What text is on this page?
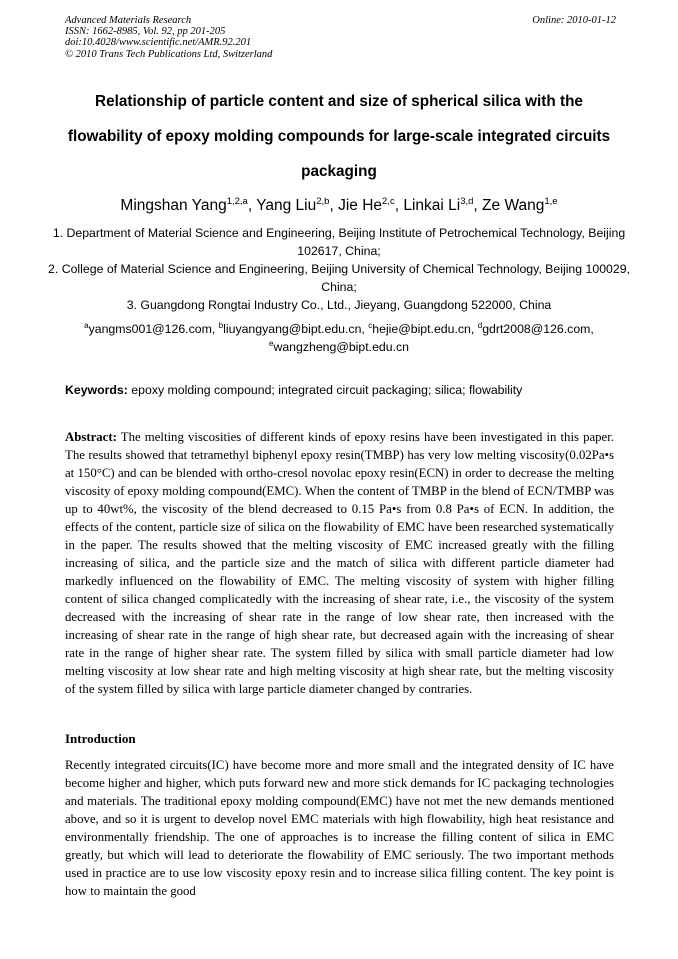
Advanced Materials Research
ISSN: 1662-8985, Vol. 92, pp 201-205
doi:10.4028/www.scientific.net/AMR.92.201
© 2010 Trans Tech Publications Ltd, Switzerland
Online: 2010-01-12
Relationship of particle content and size of spherical silica with the flowability of epoxy molding compounds for large-scale integrated circuits packaging
Mingshan Yang$^{1,2,a}$, Yang Liu$^{2,b}$, Jie He$^{2,c}$, Linkai Li$^{3,d}$, Ze Wang$^{1,e}$

1. Department of Material Science and Engineering, Beijing Institute of Petrochemical Technology, Beijing 102617, China;

2. College of Material Science and Engineering, Beijing University of Chemical Technology, Beijing 100029, China;

3. Guangdong Rongtai Industry Co., Ltd., Jieyang, Guangdong 522000, China

$^a$yangms001@126.com, $^b$liuyangyang@bipt.edu.cn, $^c$hejie@bipt.edu.cn, $^d$gdrt2008@126.com,

$^e$wangzheng@bipt.edu.cn

Keywords: epoxy molding compound; integrated circuit packaging; silica; flowability
Abstract: The melting viscosities of different kinds of epoxy resins have been investigated in this paper. The results showed that tetramethyl biphenyl epoxy resin(TMBP) has very low melting viscosity(0.02Pa•s at 150°C) and can be blended with ortho-cresol novolac epoxy resin(ECN) in order to decrease the melting viscosity of epoxy molding compound(EMC). When the content of TMBP in the blend of ECN/TMBP was up to 40wt%, the viscosity of the blend decreased to 0.15 Pa•s from 0.8 Pa•s of ECN. In addition, the effects of the content, particle size of silica on the flowability of EMC have been researched systematically in the paper. The results showed that the melting viscosity of EMC increased greatly with the filling increasing of silica, and the particle size and the match of silica with different particle diameter had markedly influenced on the flowability of EMC. The melting viscosity of system with higher filling content of silica changed complicatedly with the increasing of shear rate, i.e., the viscosity of the system decreased with the increasing of shear rate in the range of low shear rate, then increased with the increasing of shear rate in the range of high shear rate, but decreased again with the increasing of shear rate in the range of higher shear rate. The system filled by silica with small particle diameter had low melting viscosity at low shear rate and high melting viscosity at high shear rate, but the melting viscosity of the system filled by silica with large particle diameter changed by contraries.
Introduction
Recently integrated circuits(IC) have become more and more small and the integrated density of IC have become higher and higher, which puts forward new and more stick demands for IC packaging technologies and materials. The traditional epoxy molding compound(EMC) have not met the new demands mentioned above, and so it is urgent to develop novel EMC materials with high flowability, high heat resistance and environmentally friendship. The one of approaches is to increase the filling content of silica in EMC greatly, but which will lead to deteriorate the flowability of EMC seriously. The two important methods used in practice are to use low viscosity epoxy resin and to increase silica filling content. The key point is how to maintain the good
